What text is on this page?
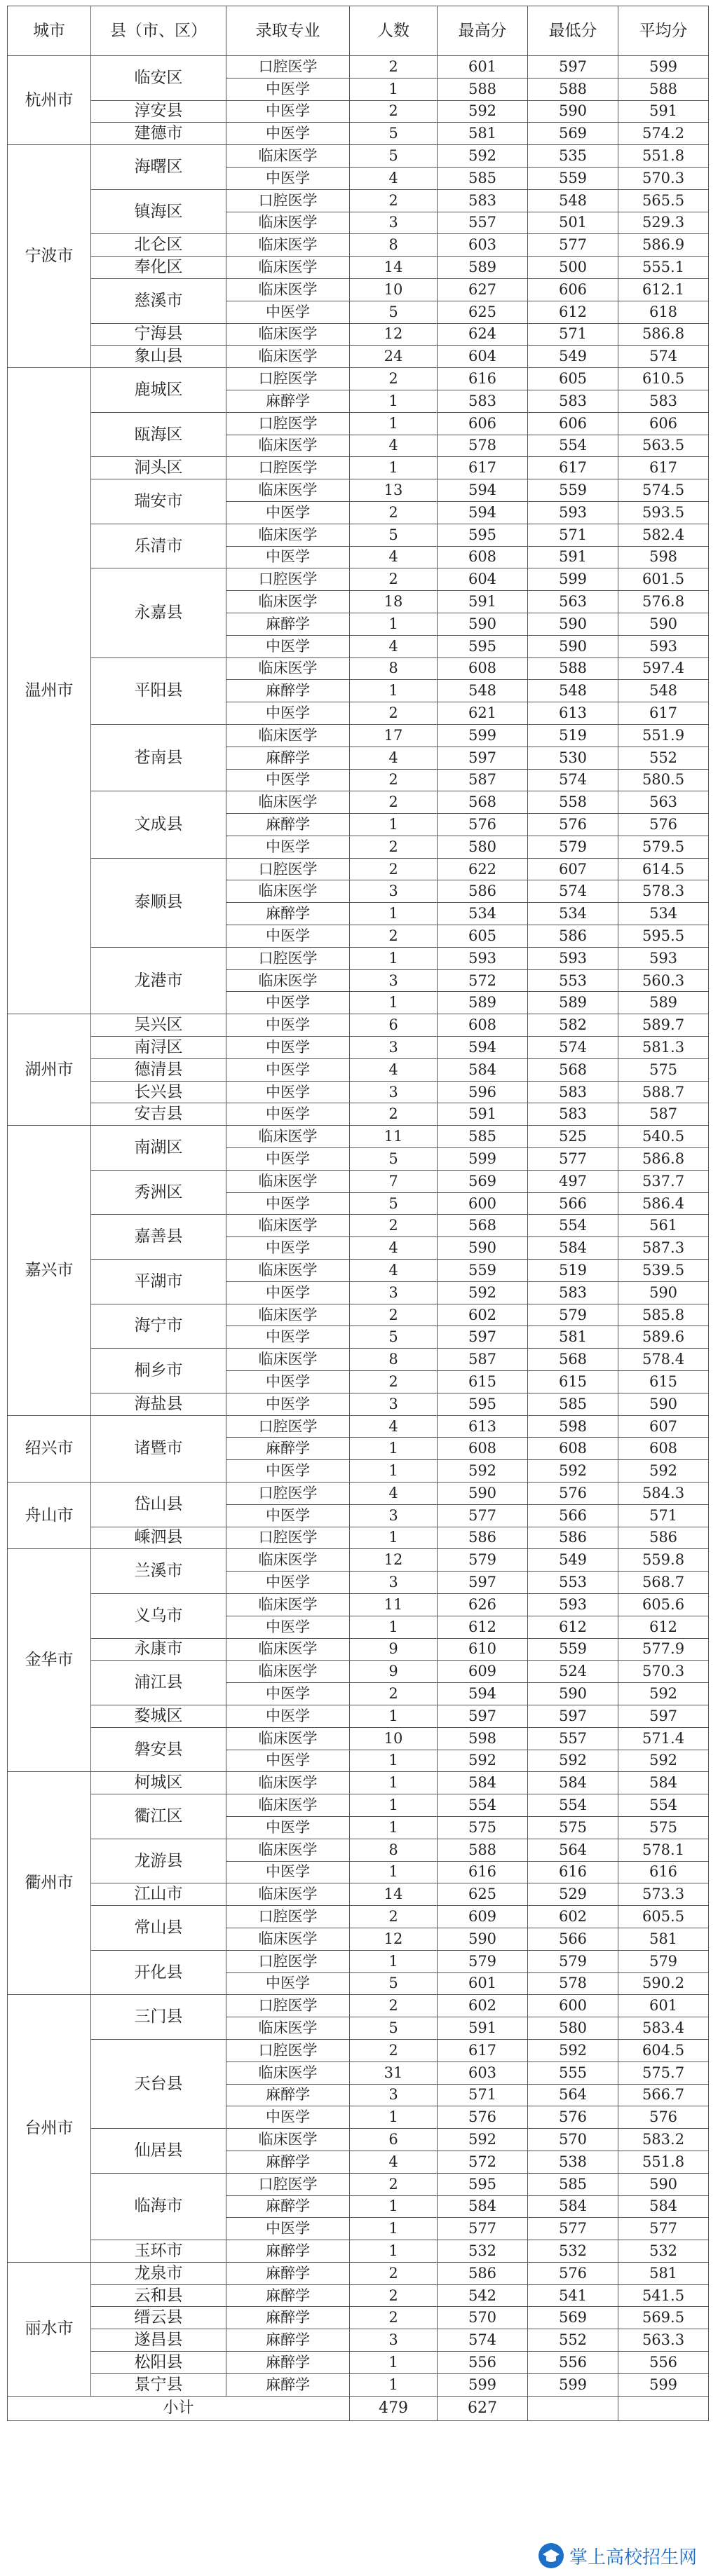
城市	县（市、区）	录取专业	人数	最高分	最低分	平均分
杭州市	临安区	口腔医学	2	601	597	599
		中医学	1	588	588	588
	淳安县	中医学	2	592	590	591
	建德市	中医学	5	581	569	574.2
宁波市	海曙区	临床医学	5	592	535	551.8
		中医学	4	585	559	570.3
	镇海区	口腔医学	2	583	548	565.5
		临床医学	3	557	501	529.3
	北仑区	临床医学	8	603	577	586.9
	奉化区	临床医学	14	589	500	555.1
	慈溪市	临床医学	10	627	606	612.1
		中医学	5	625	612	618
	宁海县	临床医学	12	624	571	586.8
	象山县	临床医学	24	604	549	574
温州市	鹿城区	口腔医学	2	616	605	610.5
		麻醉学	1	583	583	583
	瓯海区	口腔医学	1	606	606	606
		临床医学	4	578	554	563.5
	洞头区	口腔医学	1	617	617	617
	瑞安市	临床医学	13	594	559	574.5
		中医学	2	594	593	593.5
	乐清市	临床医学	5	595	571	582.4
		中医学	4	608	591	598
	永嘉县	口腔医学	2	604	599	601.5
		临床医学	18	591	563	576.8
		麻醉学	1	590	590	590
		中医学	4	595	590	593
	平阳县	临床医学	8	608	588	597.4
		麻醉学	1	548	548	548
		中医学	2	621	613	617
	苍南县	临床医学	17	599	519	551.9
		麻醉学	4	597	530	552
		中医学	2	587	574	580.5
	文成县	临床医学	2	568	558	563
		麻醉学	1	576	576	576
		中医学	2	580	579	579.5
	泰顺县	口腔医学	2	622	607	614.5
		临床医学	3	586	574	578.3
		麻醉学	1	534	534	534
		中医学	2	605	586	595.5
	龙港市	口腔医学	1	593	593	593
		临床医学	3	572	553	560.3
		中医学	1	589	589	589
湖州市	吴兴区	中医学	6	608	582	589.7
	南浔区	中医学	3	594	574	581.3
	德清县	中医学	4	584	568	575
	长兴县	中医学	3	596	583	588.7
	安吉县	中医学	2	591	583	587
嘉兴市	南湖区	临床医学	11	585	525	540.5
		中医学	5	599	577	586.8
	秀洲区	临床医学	7	569	497	537.7
		中医学	5	600	566	586.4
	嘉善县	临床医学	2	568	554	561
		中医学	4	590	584	587.3
	平湖市	临床医学	4	559	519	539.5
		中医学	3	592	583	590
	海宁市	临床医学	2	602	579	585.8
		中医学	5	597	581	589.6
	桐乡市	临床医学	8	587	568	578.4
		中医学	2	615	615	615
	海盐县	中医学	3	595	585	590
绍兴市	诸暨市	口腔医学	4	613	598	607
		麻醉学	1	608	608	608
		中医学	1	592	592	592
舟山市	岱山县	口腔医学	4	590	576	584.3
		中医学	3	577	566	571
	嵊泗县	口腔医学	1	586	586	586
金华市	兰溪市	临床医学	12	579	549	559.8
		中医学	3	597	553	568.7
	义乌市	临床医学	11	626	593	605.6
		中医学	1	612	612	612
	永康市	临床医学	9	610	559	577.9
	浦江县	临床医学	9	609	524	570.3
		中医学	2	594	590	592
	婺城区	中医学	1	597	597	597
	磐安县	临床医学	10	598	557	571.4
		中医学	1	592	592	592
衢州市	柯城区	临床医学	1	584	584	584
	衢江区	临床医学	1	554	554	554
		中医学	1	575	575	575
	龙游县	临床医学	8	588	564	578.1
		中医学	1	616	616	616
	江山市	临床医学	14	625	529	573.3
	常山县	口腔医学	2	609	602	605.5
		临床医学	12	590	566	581
	开化县	口腔医学	1	579	579	579
		中医学	5	601	578	590.2
台州市	三门县	口腔医学	2	602	600	601
		临床医学	5	591	580	583.4
	天台县	口腔医学	2	617	592	604.5
		临床医学	31	603	555	575.7
		麻醉学	3	571	564	566.7
		中医学	1	576	576	576
	仙居县	临床医学	6	592	570	583.2
		麻醉学	4	572	538	551.8
	临海市	口腔医学	2	595	585	590
		麻醉学	1	584	584	584
		中医学	1	577	577	577
	玉环市	麻醉学	1	532	532	532
丽水市	龙泉市	麻醉学	2	586	576	581
	云和县	麻醉学	2	542	541	541.5
	缙云县	麻醉学	2	570	569	569.5
	遂昌县	麻醉学	3	574	552	563.3
	松阳县	麻醉学	1	556	556	556
	景宁县	麻醉学	1	599	599	599
小计			479	627		
掌上高校招生网
